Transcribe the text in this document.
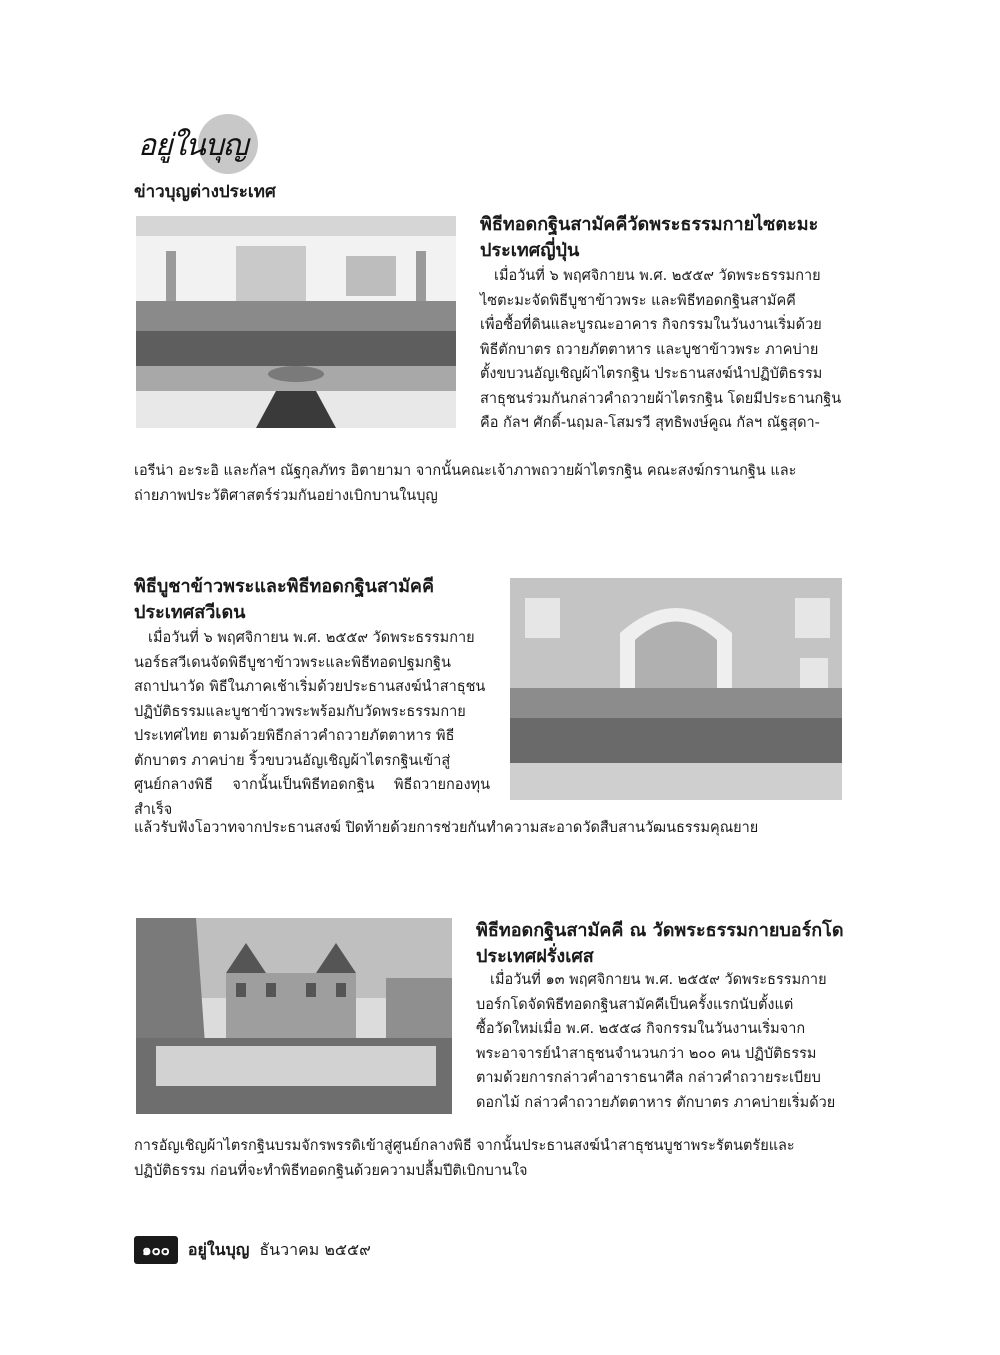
อยู่ในบุญ
ข่าวบุญต่างประเทศ
พิธีทอดกฐินสามัคคีวัดพระธรรมกายไซตะมะ
ประเทศญี่ปุ่น
เมื่อวันที่ ๖ พฤศจิกายน พ.ศ. ๒๕๕๙ วัดพระธรรมกาย
ไซตะมะจัดพิธีบูชาข้าวพระ และพิธีทอดกฐินสามัคคี
เพื่อซื้อที่ดินและบูรณะอาคาร กิจกรรมในวันงานเริ่มด้วย
พิธีตักบาตร ถวายภัตตาหาร และบูชาข้าวพระ ภาคบ่าย
ตั้งขบวนอัญเชิญผ้าไตรกฐิน ประธานสงฆ์นำปฏิบัติธรรม
สาธุชนร่วมกันกล่าวคำถวายผ้าไตรกฐิน โดยมีประธานกฐิน
คือ กัลฯ ศักดิ์-นฤมล-โสมรวี สุทธิพงษ์คูณ กัลฯ ณัฐสุดา-
เอรีน่า อะระอิ และกัลฯ ณัฐกุลภัทร อิตายามา จากนั้นคณะเจ้าภาพถวายผ้าไตรกฐิน คณะสงฆ์กรานกฐิน และ
ถ่ายภาพประวัติศาสตร์ร่วมกันอย่างเบิกบานในบุญ
พิธีบูชาข้าวพระและพิธีทอดกฐินสามัคคี
ประเทศสวีเดน
เมื่อวันที่ ๖ พฤศจิกายน พ.ศ. ๒๕๕๙ วัดพระธรรมกาย
นอร์ธสวีเดนจัดพิธีบูชาข้าวพระและพิธีทอดปฐมกฐิน
สถาปนาวัด พิธีในภาคเช้าเริ่มด้วยประธานสงฆ์นำสาธุชน
ปฏิบัติธรรมและบูชาข้าวพระพร้อมกับวัดพระธรรมกาย
ประเทศไทย ตามด้วยพิธีกล่าวคำถวายภัตตาหาร พิธี
ตักบาตร ภาคบ่าย ริ้วขบวนอัญเชิญผ้าไตรกฐินเข้าสู่
ศูนย์กลางพิธี จากนั้นเป็นพิธีทอดกฐิน พิธีถวายกองทุนสำเร็จ
แล้วรับฟังโอวาทจากประธานสงฆ์ ปิดท้ายด้วยการช่วยกันทำความสะอาดวัดสืบสานวัฒนธรรมคุณยาย
พิธีทอดกฐินสามัคคี ณ วัดพระธรรมกายบอร์กโด
ประเทศฝรั่งเศส
เมื่อวันที่ ๑๓ พฤศจิกายน พ.ศ. ๒๕๕๙ วัดพระธรรมกาย
บอร์กโดจัดพิธีทอดกฐินสามัคคีเป็นครั้งแรกนับตั้งแต่
ซื้อวัดใหม่เมื่อ พ.ศ. ๒๕๕๘ กิจกรรมในวันงานเริ่มจาก
พระอาจารย์นำสาธุชนจำนวนกว่า ๒๐๐ คน ปฏิบัติธรรม
ตามด้วยการกล่าวคำอาราธนาศีล กล่าวคำถวายระเบียบ
ดอกไม้ กล่าวคำถวายภัตตาหาร ตักบาตร ภาคบ่ายเริ่มด้วย
การอัญเชิญผ้าไตรกฐินบรมจักรพรรดิเข้าสู่ศูนย์กลางพิธี จากนั้นประธานสงฆ์นำสาธุชนบูชาพระรัตนตรัยและ
ปฏิบัติธรรม ก่อนที่จะทำพิธีทอดกฐินด้วยความปลื้มปีติเบิกบานใจ
๑๐๐	อยู่ในบุญ ธันวาคม ๒๕๕๙
